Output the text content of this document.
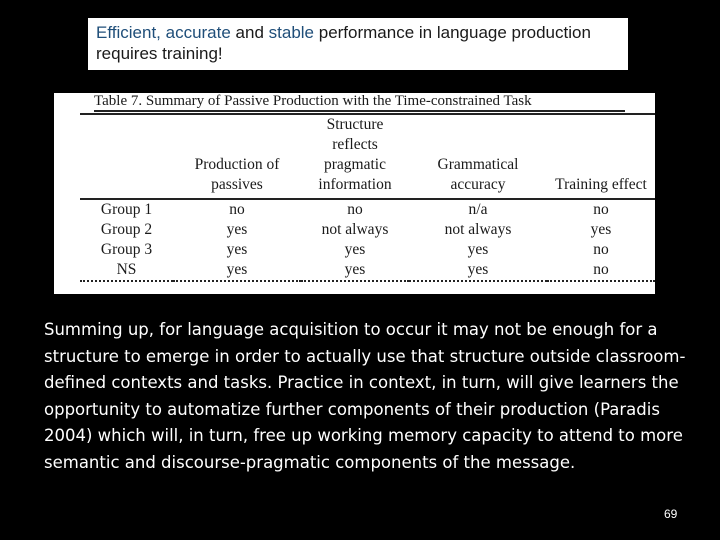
Efficient, accurate and stable performance in language production requires training!
Table 7. Summary of Passive Production with the Time-constrained Task
	Production of passives	Structure reflects pragmatic information	Grammatical accuracy	Training effect
Group 1	no	no	n/a	no
Group 2	yes	not always	not always	yes
Group 3	yes	yes	yes	no
NS	yes	yes	yes	no
Summing up, for language acquisition to occur it may not be enough for a structure to emerge in order to actually use that structure outside classroom-defined contexts and tasks. Practice in context, in turn, will give learners the opportunity to automatize further components of their production (Paradis 2004) which will, in turn, free up working memory capacity to attend to more semantic and discourse-pragmatic components of the message.
69
